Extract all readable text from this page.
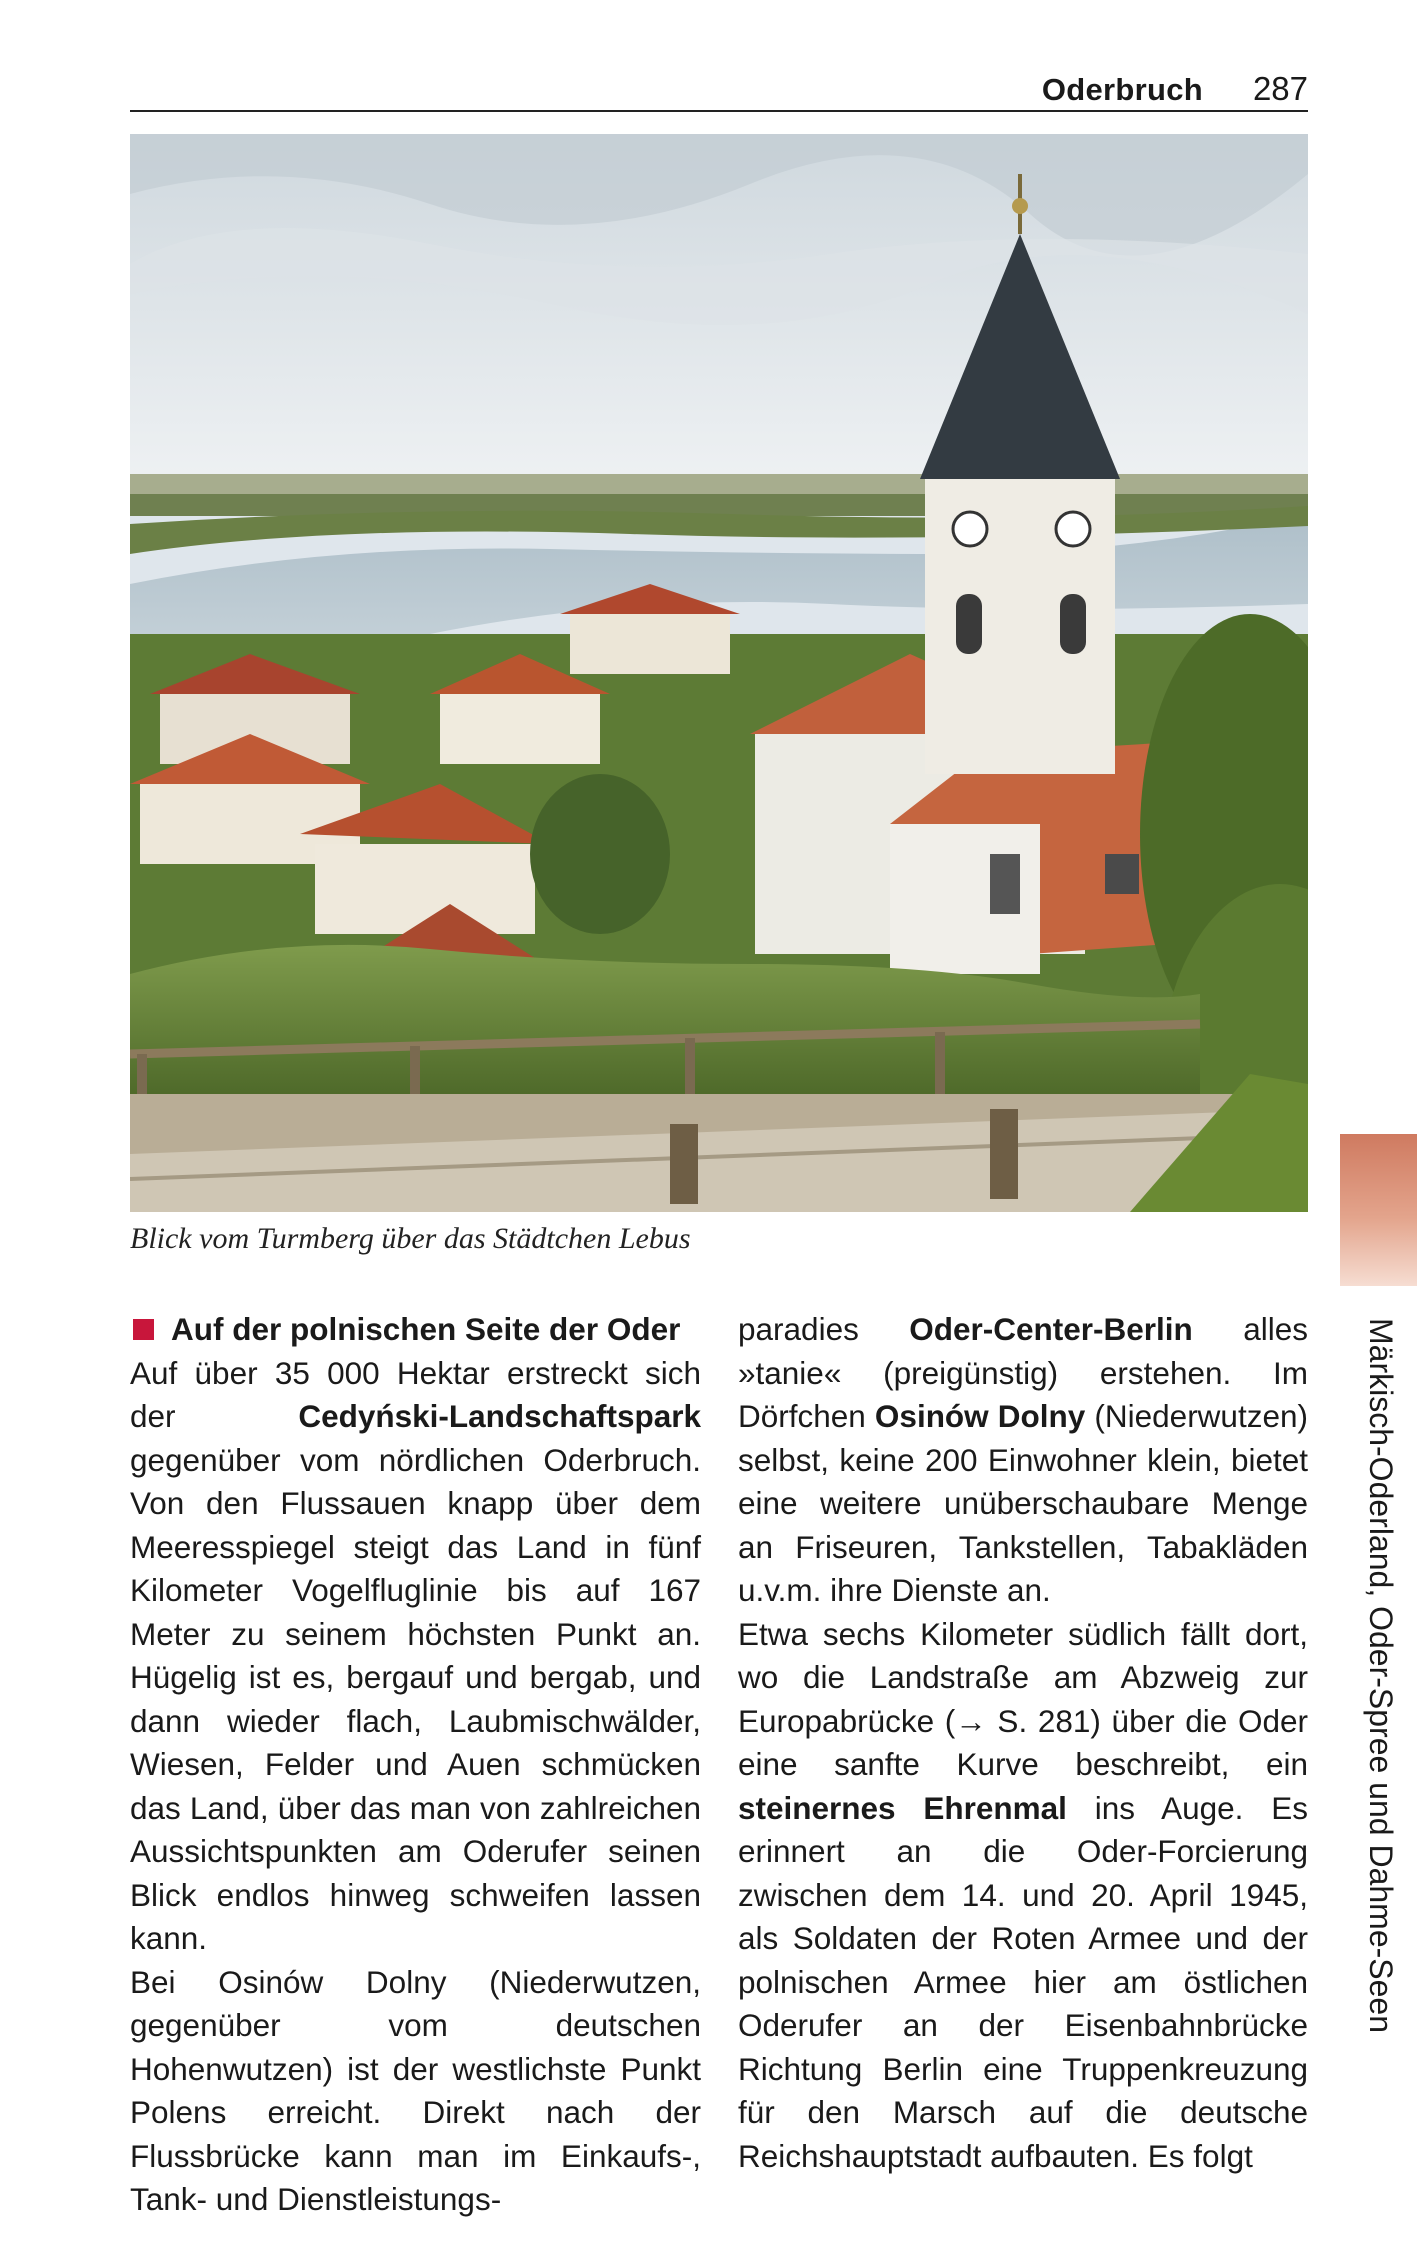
Oderbruch 287
Blick vom Turmberg über das Städtchen Lebus
Märkisch-Oderland, Oder-Spree und Dahme-Seen
Auf der polnischen Seite der Oder

Auf über 35 000 Hektar erstreckt sich der Cedyński-Landschaftspark gegenüber vom nördlichen Oderbruch. Von den Flussauen knapp über dem Meeresspiegel steigt das Land in fünf Kilometer Vogelfluglinie bis auf 167 Meter zu seinem höchsten Punkt an. Hügelig ist es, bergauf und bergab, und dann wieder flach, Laubmischwälder, Wiesen, Felder und Auen schmücken das Land, über das man von zahlreichen Aussichtspunkten am Oderufer seinen Blick endlos hinweg schweifen lassen kann.

Bei Osinów Dolny (Niederwutzen, gegenüber vom deutschen Hohenwutzen) ist der westlichste Punkt Polens erreicht. Direkt nach der Flussbrücke kann man im Einkaufs-, Tank- und Dienstleistungs-

paradies Oder-Center-Berlin alles »tanie« (preigünstig) erstehen. Im Dörfchen Osinów Dolny (Niederwutzen) selbst, keine 200 Einwohner klein, bietet eine weitere unüberschaubare Menge an Friseuren, Tankstellen, Tabakläden u.v.m. ihre Dienste an.

Etwa sechs Kilometer südlich fällt dort, wo die Landstraße am Abzweig zur Europabrücke (→ S. 281) über die Oder eine sanfte Kurve beschreibt, ein steinernes Ehrenmal ins Auge. Es erinnert an die Oder-Forcierung zwischen dem 14. und 20. April 1945, als Soldaten der Roten Armee und der polnischen Armee hier am östlichen Oderufer an der Eisenbahnbrücke Richtung Berlin eine Truppenkreuzung für den Marsch auf die deutsche Reichshauptstadt aufbauten. Es folgt
